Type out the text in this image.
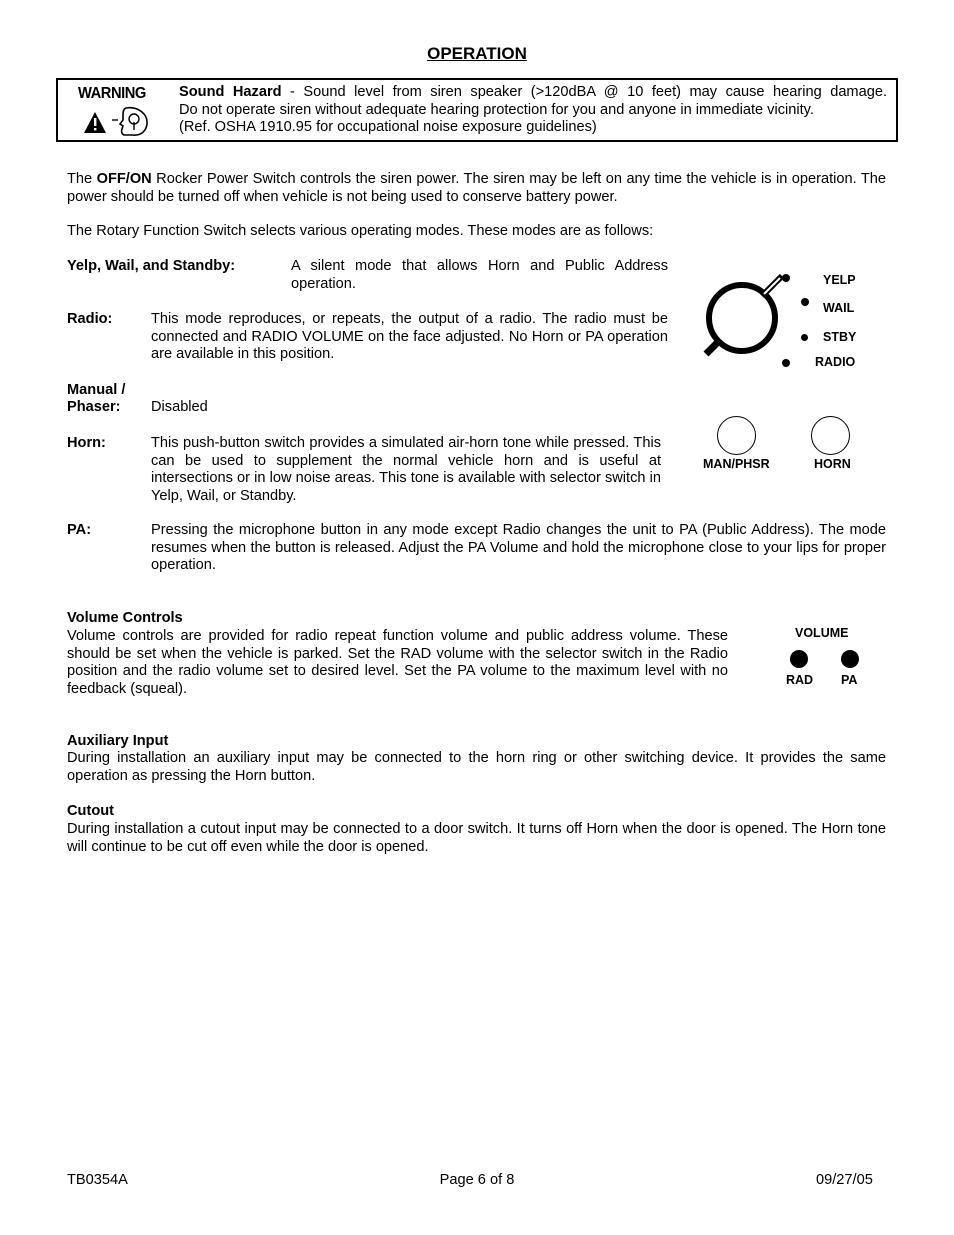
OPERATION
WARNING Sound Hazard - Sound level from siren speaker (>120dBA @ 10 feet) may cause hearing damage.
Do not operate siren without adequate hearing protection for you and anyone in immediate vicinity.
(Ref. OSHA 1910.95 for occupational noise exposure guidelines)
The OFF/ON Rocker Power Switch controls the siren power. The siren may be left on any time the vehicle is in operation. The power should be turned off when vehicle is not being used to conserve battery power.
The Rotary Function Switch selects various operating modes. These modes are as follows:
Yelp, Wail, and Standby:	A silent mode that allows Horn and Public Address operation.
Radio:	This mode reproduces, or repeats, the output of a radio. The radio must be connected and RADIO VOLUME on the face adjusted. No Horn or PA operation are available in this position.
Manual /
Phaser: Disabled
Horn:	This push-button switch provides a simulated air-horn tone while pressed. This can be used to supplement the normal vehicle horn and is useful at intersections or in low noise areas. This tone is available with selector switch in Yelp, Wail, or Standby.
PA:	Pressing the microphone button in any mode except Radio changes the unit to PA (Public Address). The mode resumes when the button is released. Adjust the PA Volume and hold the microphone close to your lips for proper operation.
YELP
WAIL
STBY
RADIO
MAN/PHSR	HORN
Volume Controls
Volume controls are provided for radio repeat function volume and public address volume. These should be set when the vehicle is parked. Set the RAD volume with the selector switch in the Radio position and the radio volume set to desired level. Set the PA volume to the maximum level with no feedback (squeal).
VOLUME
RAD PA
Auxiliary Input
During installation an auxiliary input may be connected to the horn ring or other switching device. It provides the same operation as pressing the Horn button.
Cutout
During installation a cutout input may be connected to a door switch. It turns off Horn when the door is opened. The Horn tone will continue to be cut off even while the door is opened.
TB0354A	Page 6 of 8	09/27/05
